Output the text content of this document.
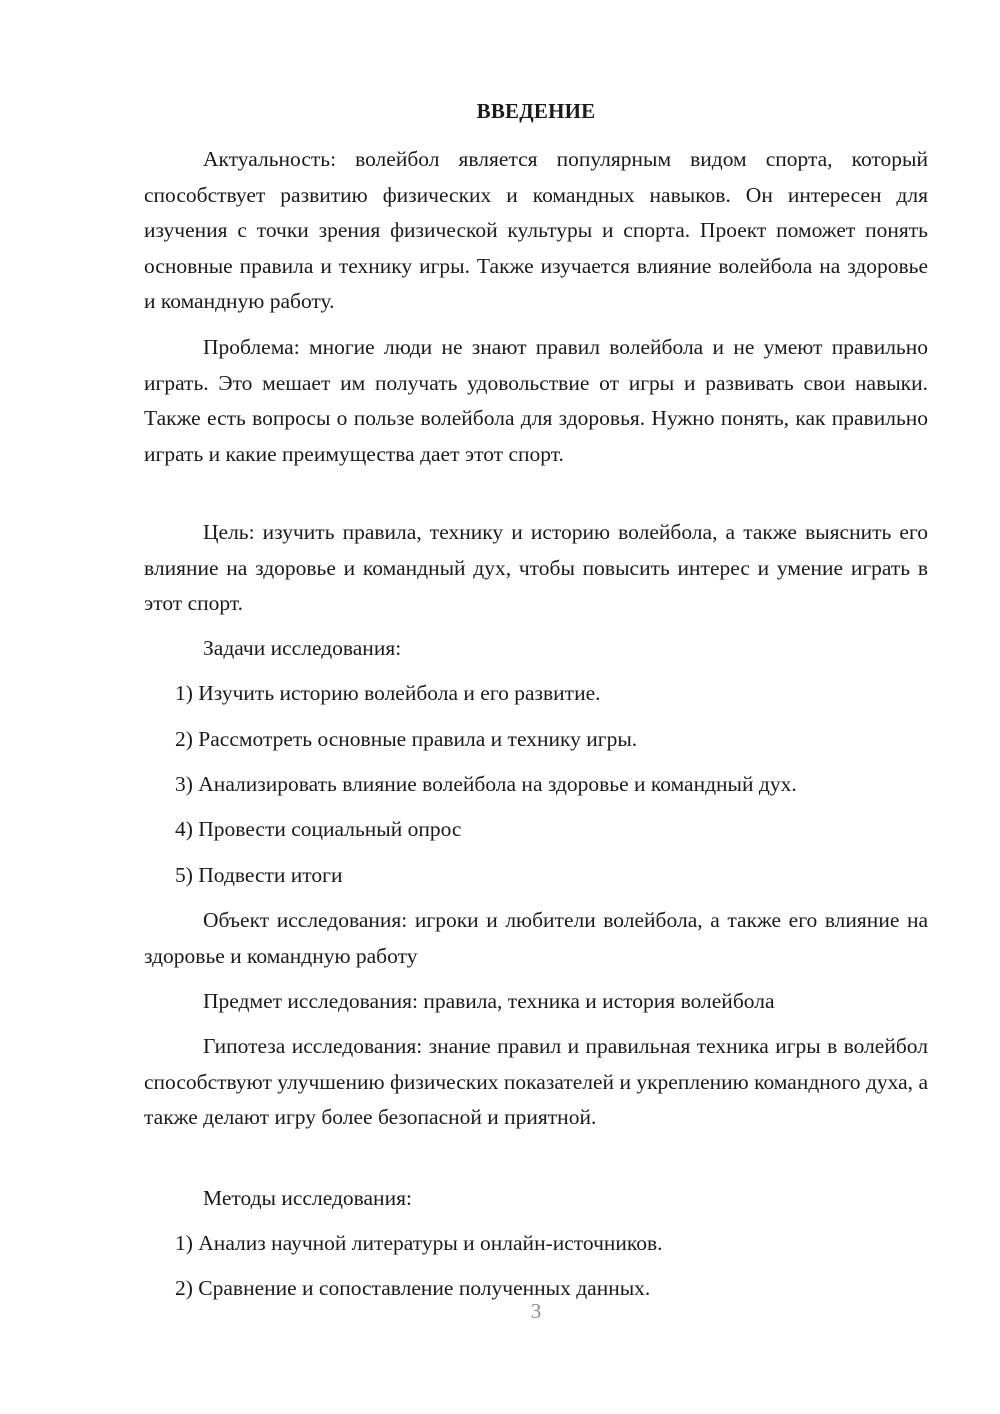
ВВЕДЕНИЕ

Актуальность: волейбол является популярным видом спорта, который способствует развитию физических и командных навыков. Он интересен для изучения с точки зрения физической культуры и спорта. Проект поможет понять основные правила и технику игры. Также изучается влияние волейбола на здоровье и командную работу.

Проблема: многие люди не знают правил волейбола и не умеют правильно играть. Это мешает им получать удовольствие от игры и развивать свои навыки. Также есть вопросы о пользе волейбола для здоровья. Нужно понять, как правильно играть и какие преимущества дает этот спорт.

Цель: изучить правила, технику и историю волейбола, а также выяснить его влияние на здоровье и командный дух, чтобы повысить интерес и умение играть в этот спорт.

Задачи исследования:
1) Изучить историю волейбола и его развитие.
2) Рассмотреть основные правила и технику игры.
3) Анализировать влияние волейбола на здоровье и командный дух.
4) Провести социальный опрос
5) Подвести итоги

Объект исследования: игроки и любители волейбола, а также его влияние на здоровье и командную работу

Предмет исследования: правила, техника и история волейбола

Гипотеза исследования: знание правил и правильная техника игры в волейбол способствуют улучшению физических показателей и укреплению командного духа, а также делают игру более безопасной и приятной.

Методы исследования:
1) Анализ научной литературы и онлайн-источников.
2) Сравнение и сопоставление полученных данных.
3
